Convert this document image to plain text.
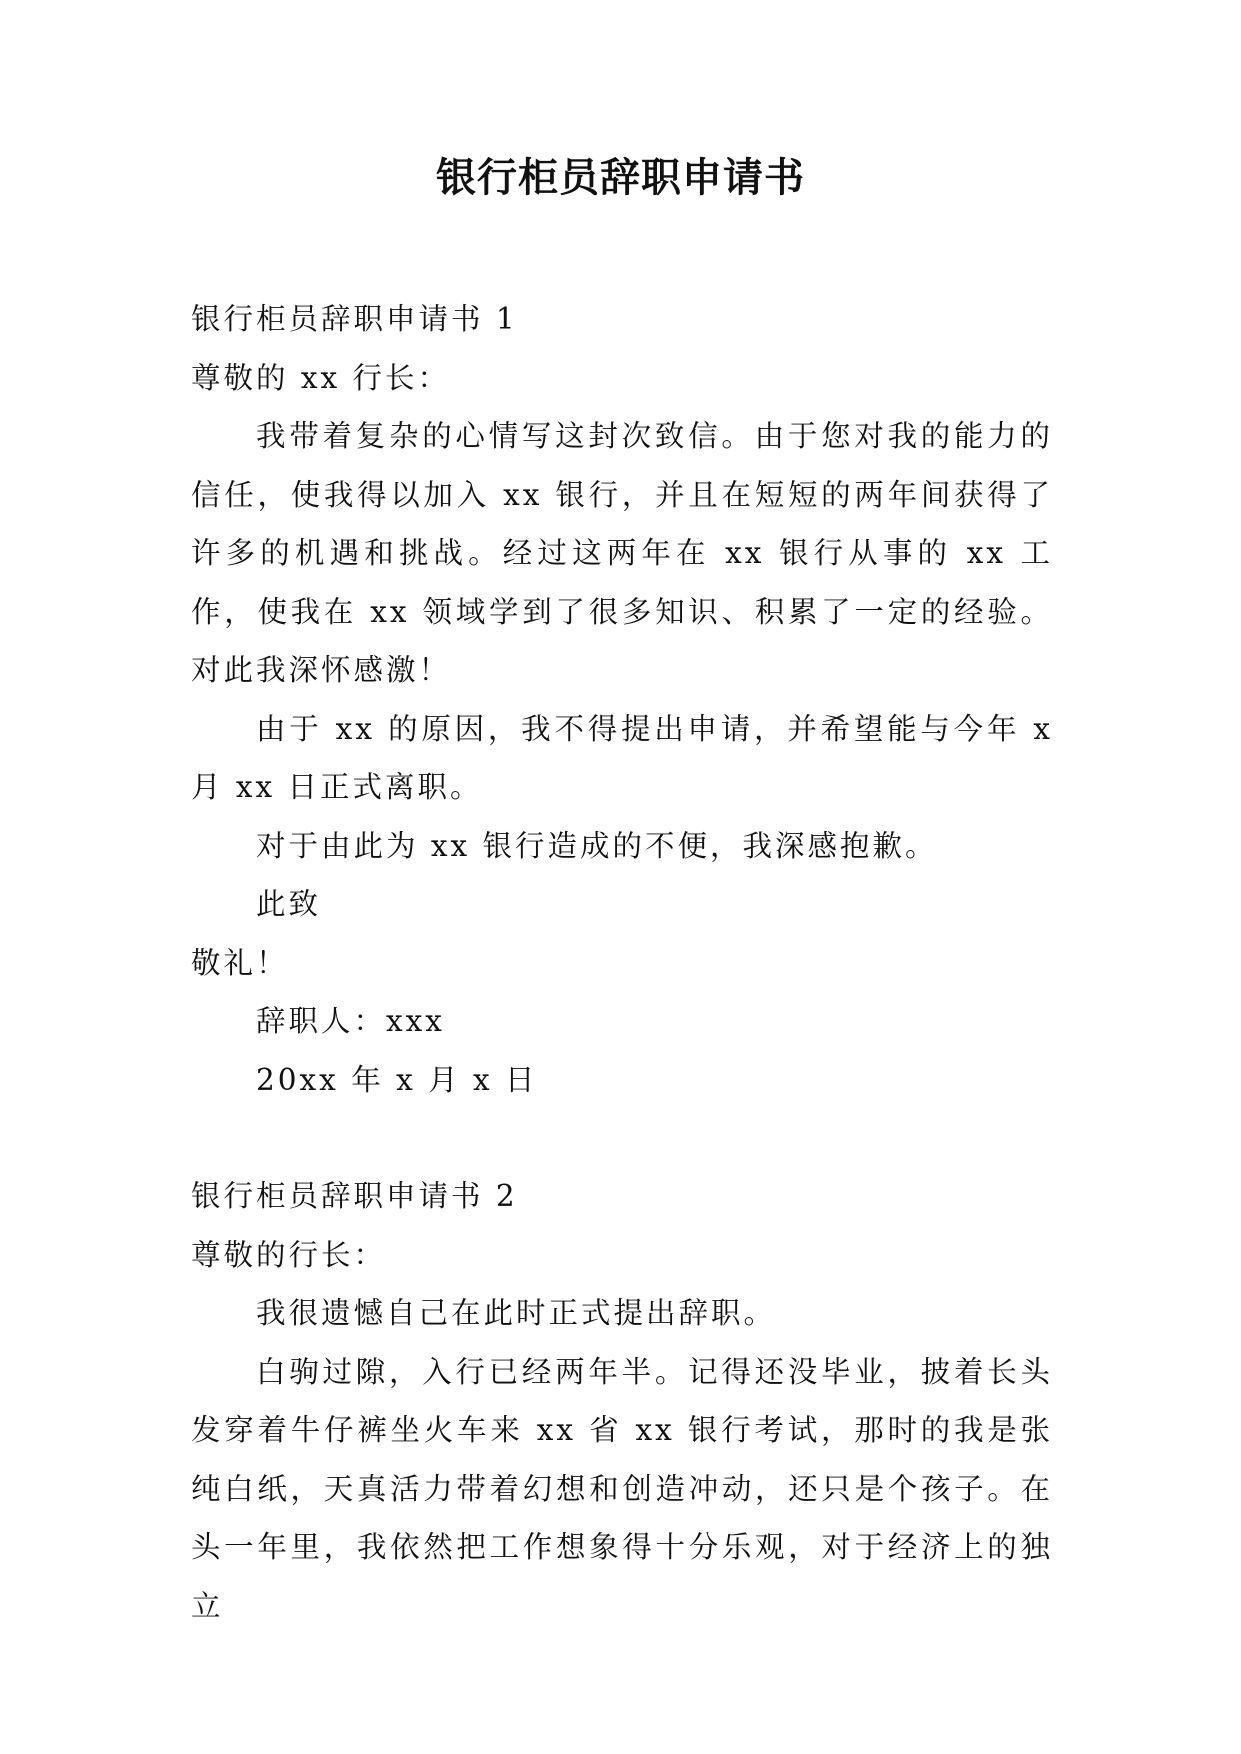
银行柜员辞职申请书

银行柜员辞职申请书 1

尊敬的 xx 行长：

我带着复杂的心情写这封次致信。由于您对我的能力的信任，使我得以加入 xx 银行，并且在短短的两年间获得了许多的机遇和挑战。经过这两年在 xx 银行从事的 xx 工作，使我在 xx 领域学到了很多知识、积累了一定的经验。对此我深怀感激！

由于 xx 的原因，我不得提出申请，并希望能与今年 x 月 xx 日正式离职。

对于由此为 xx 银行造成的不便，我深感抱歉。

此致

敬礼！

辞职人：xxx

20xx 年 x 月 x 日

银行柜员辞职申请书 2

尊敬的行长：

我很遗憾自己在此时正式提出辞职。

白驹过隙，入行已经两年半。记得还没毕业，披着长头发穿着牛仔裤坐火车来 xx 省 xx 银行考试，那时的我是张纯白纸，天真活力带着幻想和创造冲动，还只是个孩子。在头一年里，我依然把工作想象得十分乐观，对于经济上的独立
